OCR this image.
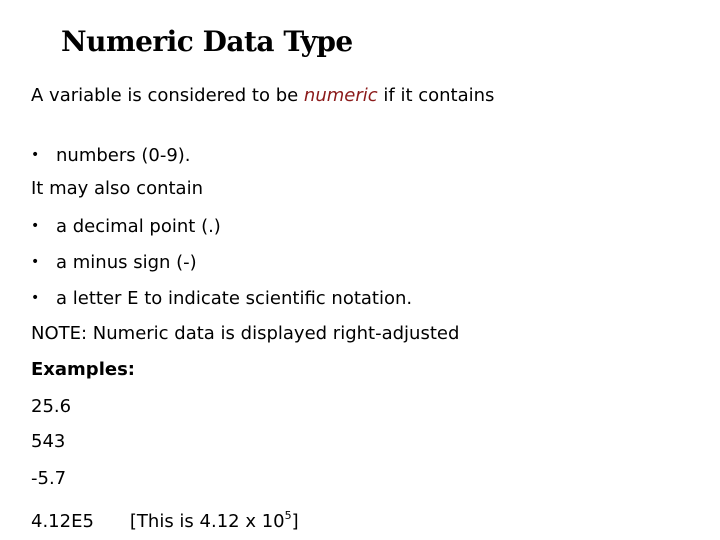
Numeric Data Type
A variable is considered to be numeric if it contains
• numbers (0-9).
It may also contain
• a decimal point (.)
• a minus sign (-)
• a letter E to indicate scientific notation.
NOTE: Numeric data is displayed right-adjusted
Examples:
25.6
543
-5.7
4.12E5 [This is 4.12 x $10^5$]
